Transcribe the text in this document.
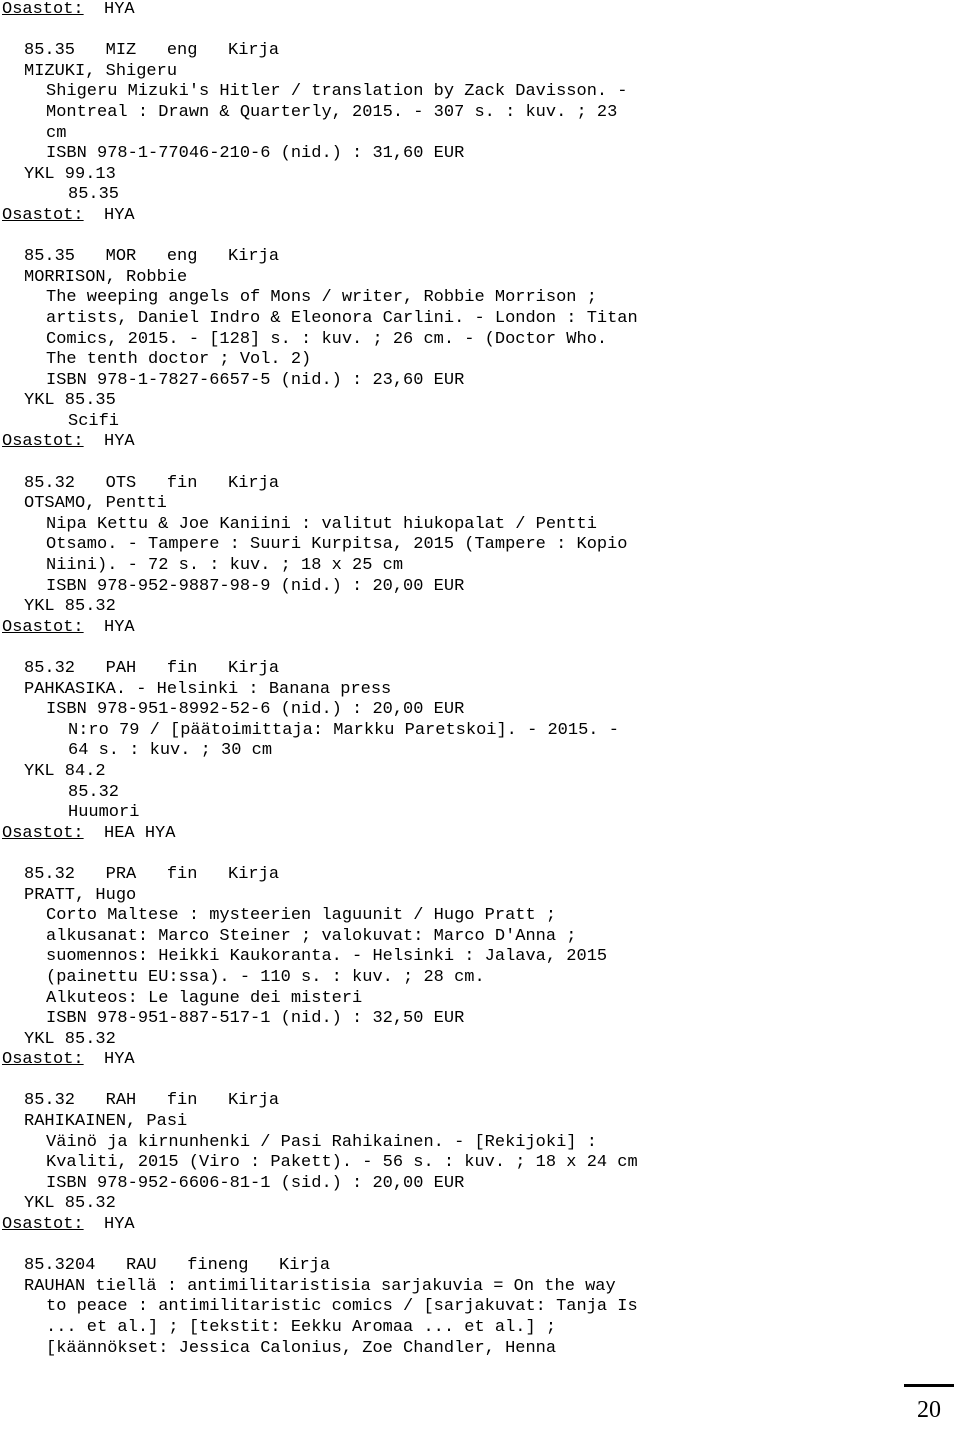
Osastot: HYA
85.35   MIZ   eng   Kirja
MIZUKI, Shigeru
Shigeru Mizuki's Hitler / translation by Zack Davisson. -
Montreal : Drawn & Quarterly, 2015. - 307 s. : kuv. ; 23
cm
ISBN 978-1-77046-210-6 (nid.) : 31,60 EUR
YKL 99.13
85.35
Osastot: HYA
85.35   MOR   eng   Kirja
MORRISON, Robbie
The weeping angels of Mons / writer, Robbie Morrison ;
artists, Daniel Indro & Eleonora Carlini. - London : Titan
Comics, 2015. - [128] s. : kuv. ; 26 cm. - (Doctor Who.
The tenth doctor ; Vol. 2)
ISBN 978-1-7827-6657-5 (nid.) : 23,60 EUR
YKL 85.35
Scifi
Osastot: HYA
85.32   OTS   fin   Kirja
OTSAMO, Pentti
Nipa Kettu & Joe Kaniini : valitut hiukopalat / Pentti
Otsamo. - Tampere : Suuri Kurpitsa, 2015 (Tampere : Kopio
Niini). - 72 s. : kuv. ; 18 x 25 cm
ISBN 978-952-9887-98-9 (nid.) : 20,00 EUR
YKL 85.32
Osastot: HYA
85.32   PAH   fin   Kirja
PAHKASIKA. - Helsinki : Banana press
ISBN 978-951-8992-52-6 (nid.) : 20,00 EUR
N:ro 79 / [päätoimittaja: Markku Paretskoi]. - 2015. -
64 s. : kuv. ; 30 cm
YKL 84.2
85.32
Huumori
Osastot: HEA HYA
85.32   PRA   fin   Kirja
PRATT, Hugo
Corto Maltese : mysteerien laguunit / Hugo Pratt ;
alkusanat: Marco Steiner ; valokuvat: Marco D'Anna ;
suomennos: Heikki Kaukoranta. - Helsinki : Jalava, 2015
(painettu EU:ssa). - 110 s. : kuv. ; 28 cm.
Alkuteos: Le lagune dei misteri
ISBN 978-951-887-517-1 (nid.) : 32,50 EUR
YKL 85.32
Osastot: HYA
85.32   RAH   fin   Kirja
RAHIKAINEN, Pasi
Väinö ja kirnunhenki / Pasi Rahikainen. - [Rekijoki] :
Kvaliti, 2015 (Viro : Pakett). - 56 s. : kuv. ; 18 x 24 cm
ISBN 978-952-6606-81-1 (sid.) : 20,00 EUR
YKL 85.32
Osastot: HYA
85.3204   RAU   fineng   Kirja
RAUHAN tiellä : antimilitaristisia sarjakuvia = On the way
to peace : antimilitaristic comics / [sarjakuvat: Tanja Is
... et al.] ; [tekstit: Eekku Aromaa ... et al.] ;
[käännökset: Jessica Calonius, Zoe Chandler, Henna
20
